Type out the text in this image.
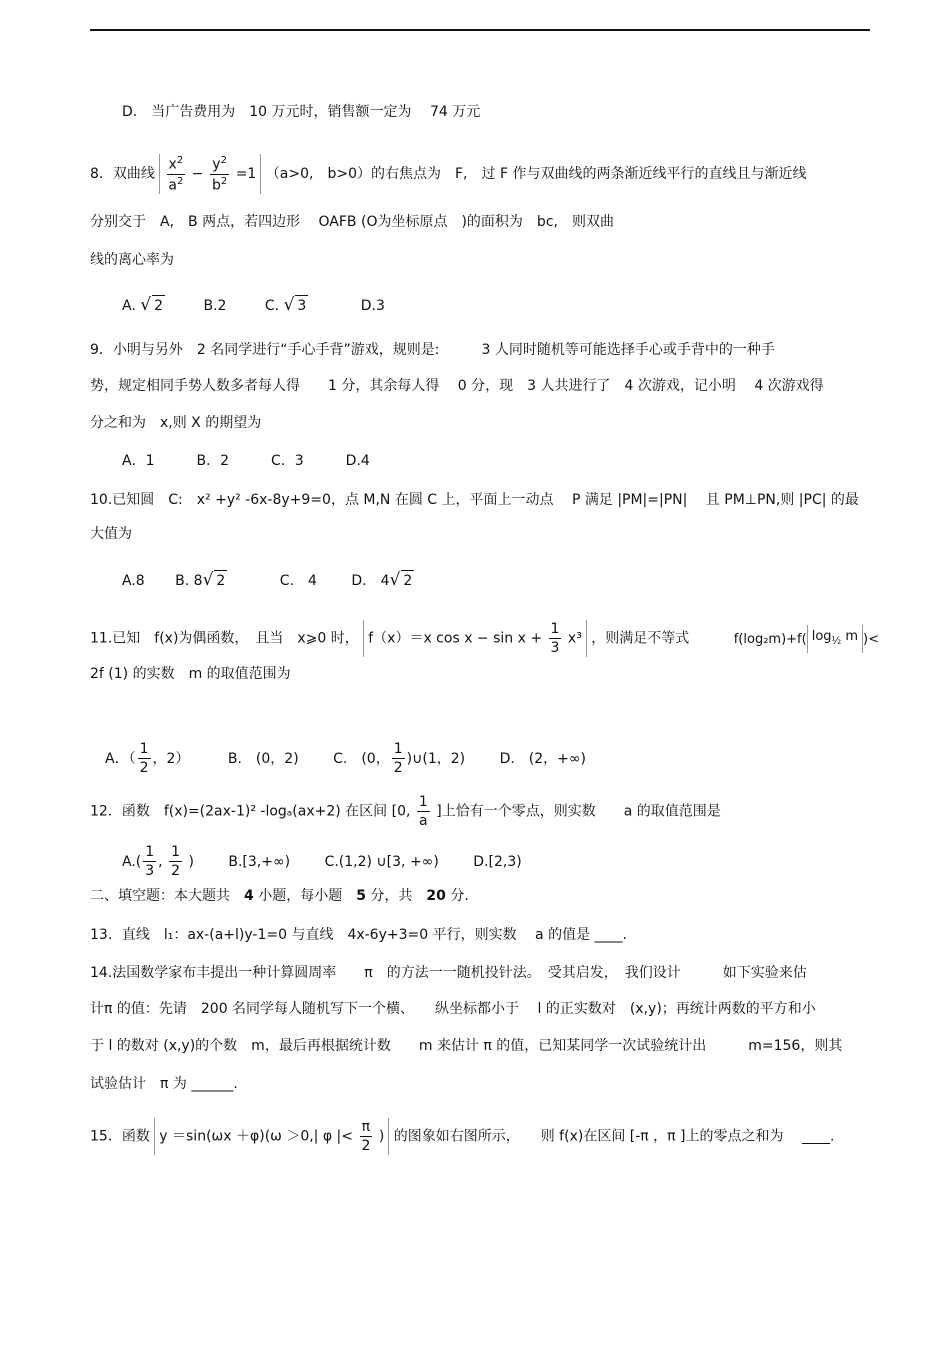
D.　当广告费用为　10 万元时，销售额一定为　 74 万元
8．双曲线 $\frac{x^2}{a^2} - \frac{y^2}{b^2} =1$ （a>0,　b>0）的右焦点为　F,　过 F 作与双曲线的两条渐近线平行的直线且与渐近线
分别交于　A,　B 两点，若四边形　 OAFB (O为坐标原点　)的面积为　bc,　则双曲
线的离心率为
A. √ 2	B.2	C. √ 3	D.3
9．小明与另外　2 名同学进行“手心手背”游戏，规则是:　　　3 人同时随机等可能选择手心或手背中的一种手
势，规定相同手势人数多者每人得　　1 分，其余每人得　 0 分，现　3 人共进行了　4 次游戏，记小明　 4 次游戏得
分之和为　x,则 X 的期望为
A．1　　　B．2　　　C．3　　　D.4
10.已知圆　C:　x² +y² -6x-8y+9=0，点 M,N 在圆 C 上，平面上一动点　 P 满足 |PM|=|PN|　 且 PM⊥PN,则 |PC| 的最
大值为
A.8 B. 8√ 2	C.　4 D.　4√ 2
11.已知　f(x)为偶函数，　且当　x⩾0 时， f（x）＝x $\cos x - \sin x + \frac{1}{3} x^3$ ，则满足不等式	f(log₂m)+f( $\log_{\frac{1}{2}} m$ )<
2f (1) 的实数　m 的取值范围为
A．（ $\frac{1}{2}$ ，2）	B.　(0，2) C.　(0， $\frac{1}{2}$ )∪(1，2) D.　(2，+∞)
12．函数　f(x)=(2ax-1)² -logₐ(ax+2) 在区间 [0, $\frac{1}{a}$ ]上恰有一个零点，则实数　　a 的取值范围是
$A.( \frac{1}{3}$ , $\frac{1}{2}$ ) B.[3,+∞) C.(1,2) ∪[3, +∞) D.[2,3)
二、填空题：本大题共　4 小题，每小题　5 分，共　20 分.
13．直线　l₁：ax-(a+l)y-1=0 与直线　4x-6y+3=0 平行，则实数　 a 的值是 ____.
14.法国数学家布丰提出一种计算圆周率　　π　的方法一一随机投针法。　受其启发，　我们设计　　　如下实验来估
计π 的值：先请　200 名同学每人随机写下一个横、　　纵坐标都小于　 l 的正实数对　(x,y)；再统计两数的平方和小
于 l 的数对 (x,y)的个数　m，最后再根据统计数　　m 来估计 π 的值，已知某同学一次试验统计出　　　m=156，则其
试验估计　π 为 ______.
15．函数 y ＝sin(ωx ＋φ)(ω ＞0,| φ |< $\frac{\pi}{2}$ ) 的图象如右图所示，　　则 f(x)在区间 [-π ，π ]上的零点之和为　 ____.
